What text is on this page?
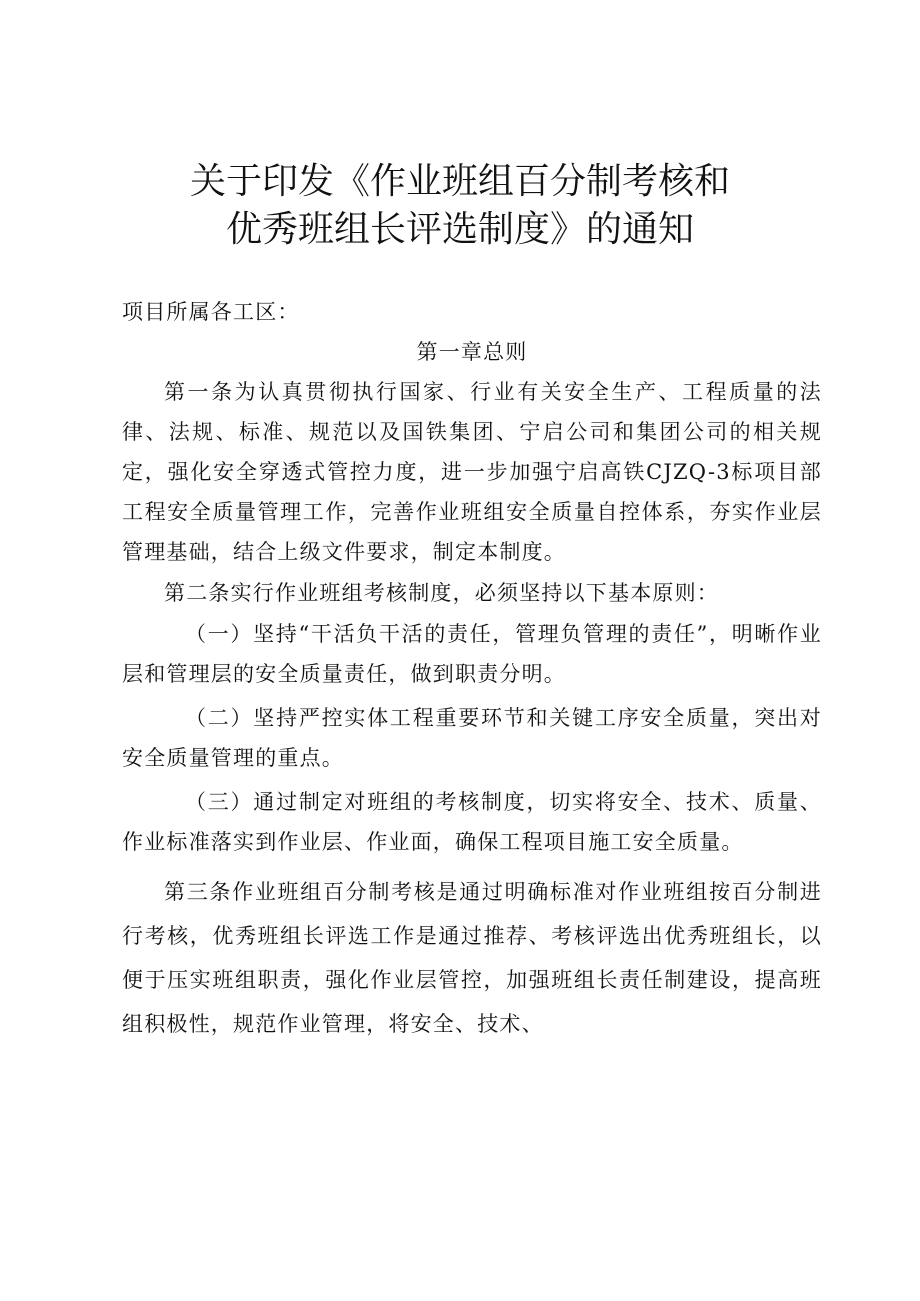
关于印发《作业班组百分制考核和
优秀班组长评选制度》的通知

项目所属各工区：

第一章总则

第一条为认真贯彻执行国家、行业有关安全生产、工程质量的法律、法规、标准、规范以及国铁集团、宁启公司和集团公司的相关规定，强化安全穿透式管控力度，进一步加强宁启高铁CJZQ-3标项目部工程安全质量管理工作，完善作业班组安全质量自控体系，夯实作业层管理基础，结合上级文件要求，制定本制度。

第二条实行作业班组考核制度，必须坚持以下基本原则：

（一）坚持“干活负干活的责任，管理负管理的责任”，明晰作业层和管理层的安全质量责任，做到职责分明。

（二）坚持严控实体工程重要环节和关键工序安全质量，突出对安全质量管理的重点。

（三）通过制定对班组的考核制度，切实将安全、技术、质量、作业标准落实到作业层、作业面，确保工程项目施工安全质量。

第三条作业班组百分制考核是通过明确标准对作业班组按百分制进行考核，优秀班组长评选工作是通过推荐、考核评选出优秀班组长，以便于压实班组职责，强化作业层管控，加强班组长责任制建设，提高班组积极性，规范作业管理，将安全、技术、
